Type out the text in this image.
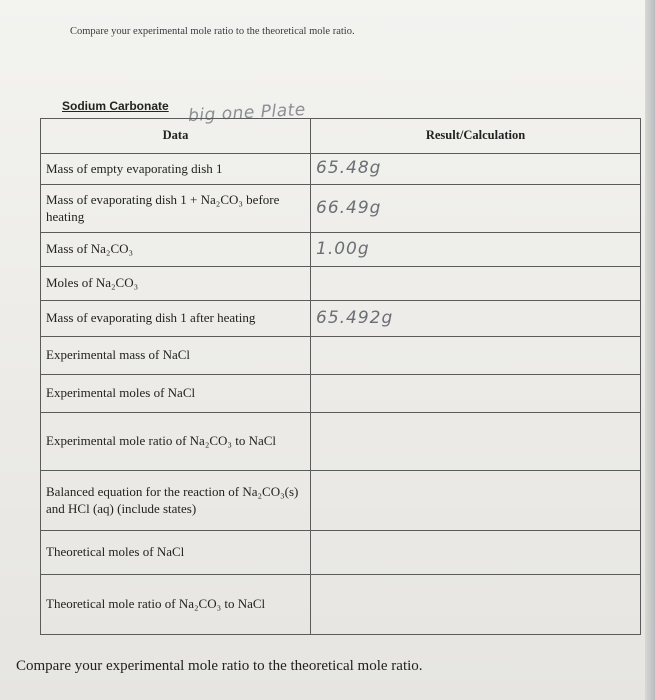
Compare your experimental mole ratio to the theoretical mole ratio.
Sodium Carbonate big one Plate
Data	Result/Calculation
Mass of empty evaporating dish 1	65.48g
Mass of evaporating dish 1 + Na₂CO₃ before heating	66.49g
Mass of Na₂CO₃	1.00g
Moles of Na₂CO₃	
Mass of evaporating dish 1 after heating	65.492g
Experimental mass of NaCl	
Experimental moles of NaCl	
Experimental mole ratio of Na₂CO₃ to NaCl	
Balanced equation for the reaction of Na₂CO₃(s) and HCl (aq) (include states)	
Theoretical moles of NaCl	
Theoretical mole ratio of Na₂CO₃ to NaCl	
Compare your experimental mole ratio to the theoretical mole ratio.
